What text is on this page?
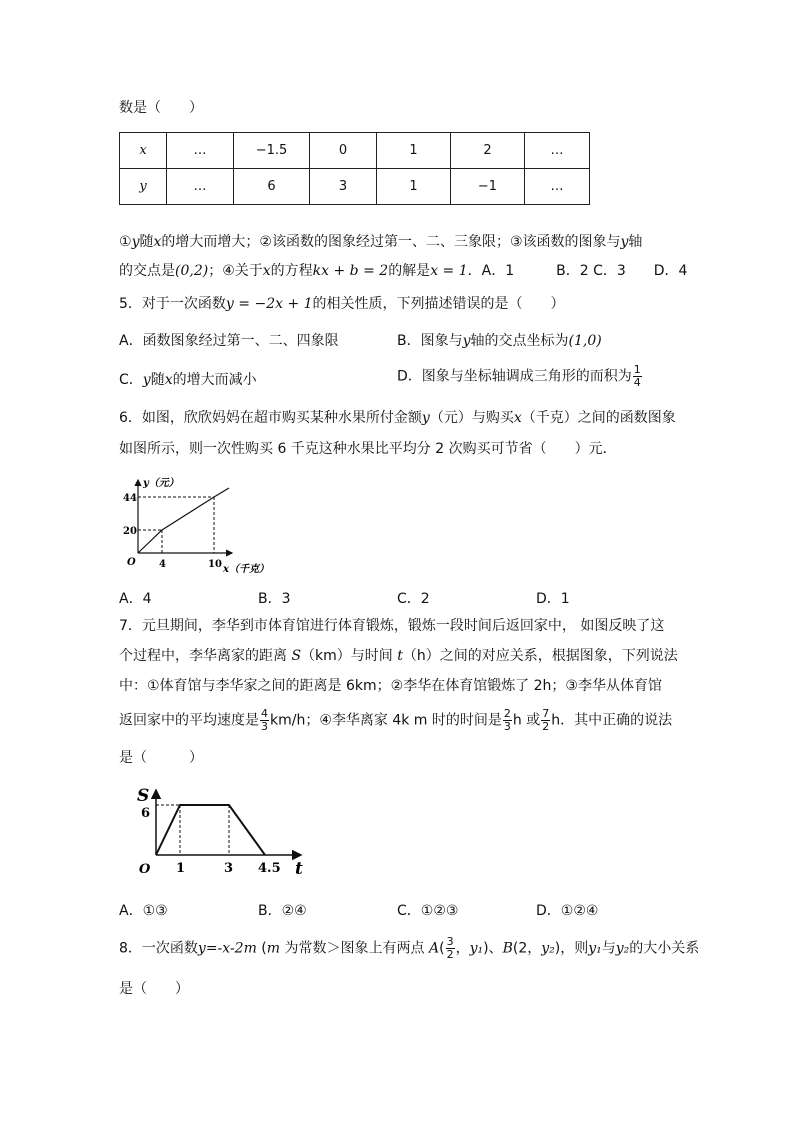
数是（　　）
x	…	−1.5	0	1	2	…
y	…	6	3	1	−1	…
①y随x的增大而增大；②该函数的图象经过第一、二、三象限；③该函数的图象与y轴
的交点是(0,2)；④关于x的方程kx + b = 2的解是x = 1．A．1　　　B．2 C．3　　D．4
5．对于一次函数y = −2x + 1的相关性质，下列描述错误的是（　　）
A．函数图象经过第一、二、四象限	B．图象与y轴的交点坐标为(1,0)
C．y随x的增大而减小	D．图象与坐标轴调成三角形的而积为 $\frac{1}{4}$
6．如图，欣欣妈妈在超市购买某种水果所付金额y（元）与购买x（千克）之间的函数图象
如图所示，则一次性购买 6 千克这种水果比平均分 2 次购买可节省（　　）元．
y（元）
x（千克）
O
44
20
4	10
A．4	B．3	C．2	D．1
7．元旦期间，李华到市体育馆进行体育锻炼，锻炼一段时间后返回家中， 如图反映了这
个过程中，李华离家的距离 S（km）与时间 t（h）之间的对应关系，根据图象，下列说法
中：①体育馆与李华家之间的距离是 6km；②李华在体育馆锻炼了 2h；③李华从体育馆
返回家中的平均速度是 $\frac{4}{3} km/h$；④李华离家 4k m 时的时间是 $\frac{2}{3}$ h 或 $\frac{7}{2}$ h．其中正确的说法
是（　　　）
S
t
O
6
1	3 4.5
A．①③	B．②④	C．①②③	D．①②④
8．一次函数y=-x-2m (m 为常数＞图象上有两点 $A( \frac{3}{2}$ ，y₁)、B(2，y₂)，则y₁与y₂的大小关系
是（　　）
